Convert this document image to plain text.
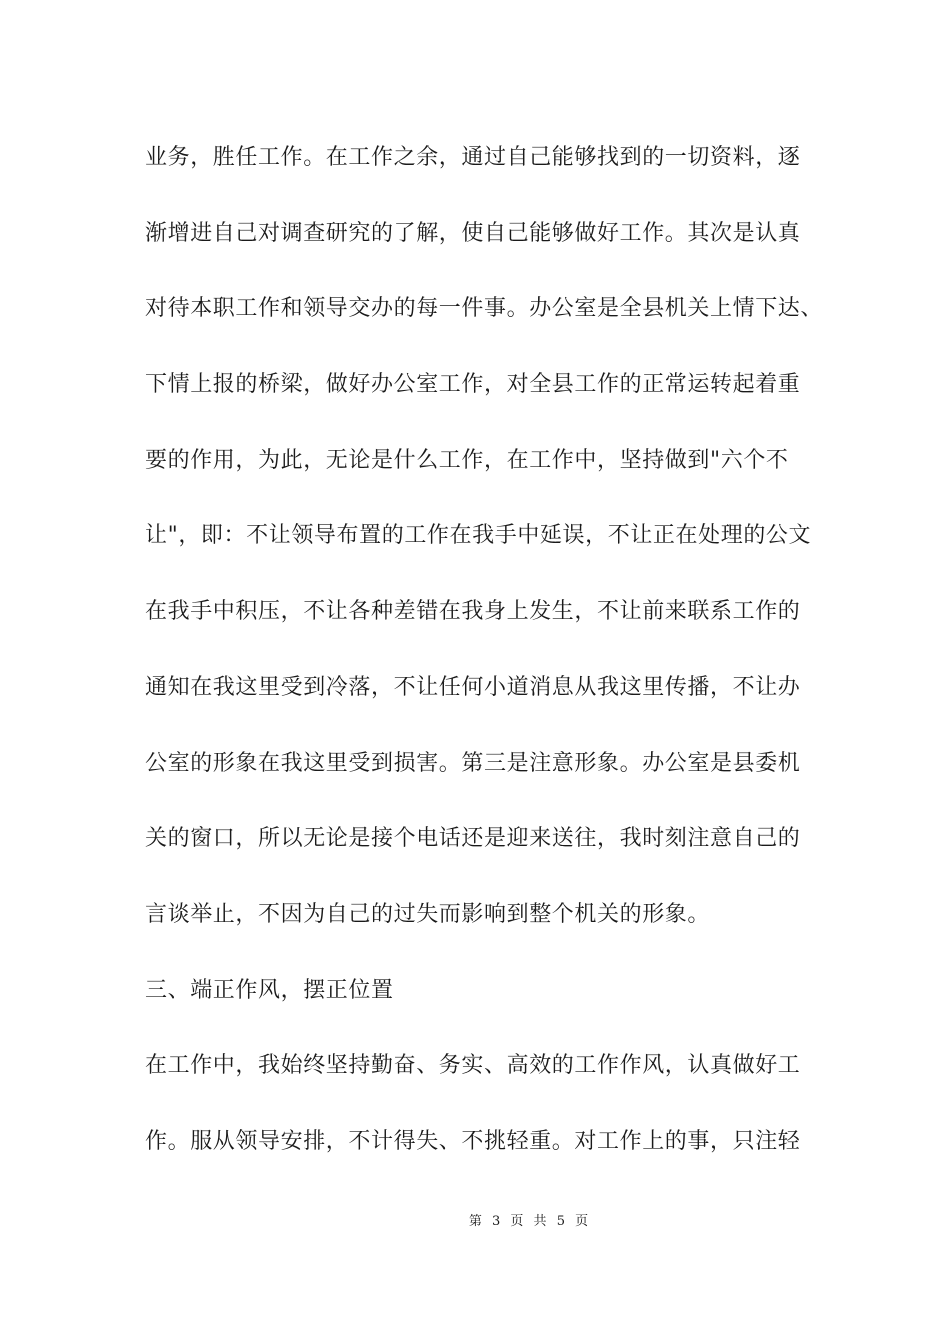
业务，胜任工作。在工作之余，通过自己能够找到的一切资料，逐
渐增进自己对调查研究的了解，使自己能够做好工作。其次是认真
对待本职工作和领导交办的每一件事。办公室是全县机关上情下达、
下情上报的桥梁，做好办公室工作，对全县工作的正常运转起着重
要的作用，为此，无论是什么工作，在工作中，坚持做到"六个不
让"，即：不让领导布置的工作在我手中延误，不让正在处理的公文
在我手中积压，不让各种差错在我身上发生，不让前来联系工作的
通知在我这里受到冷落，不让任何小道消息从我这里传播，不让办
公室的形象在我这里受到损害。第三是注意形象。办公室是县委机
关的窗口，所以无论是接个电话还是迎来送往，我时刻注意自己的
言谈举止，不因为自己的过失而影响到整个机关的形象。
三、端正作风，摆正位置
在工作中，我始终坚持勤奋、务实、高效的工作作风，认真做好工
作。服从领导安排，不计得失、不挑轻重。对工作上的事，只注轻
第 3 页 共 5 页
